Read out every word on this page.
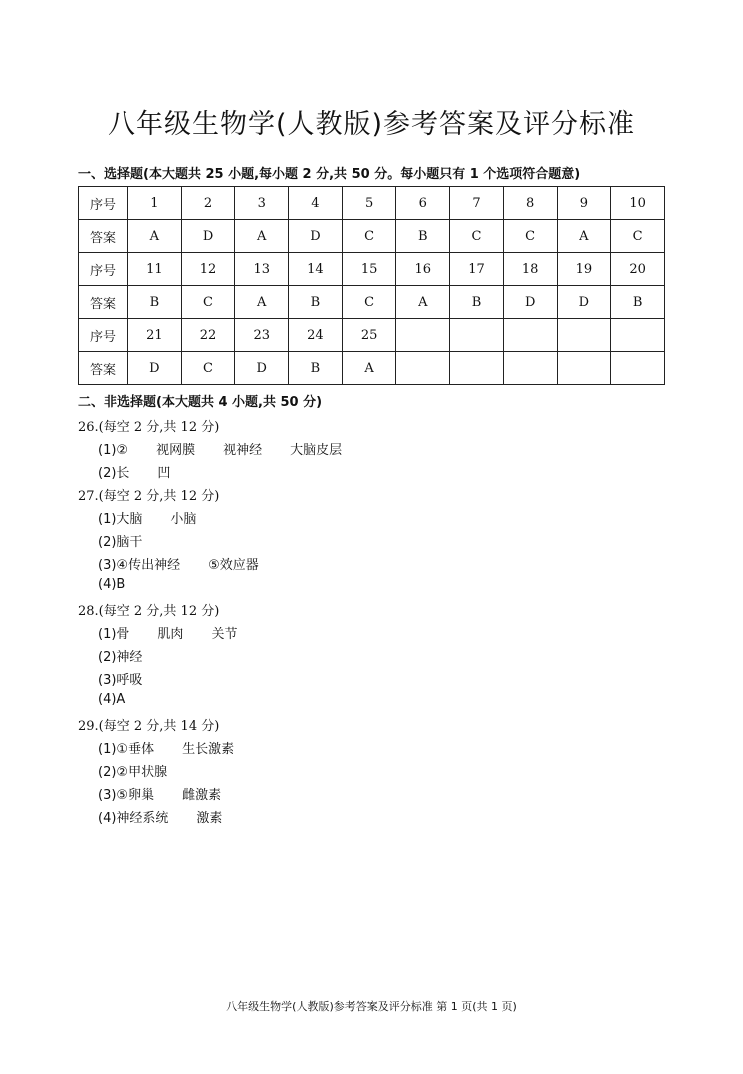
八年级生物学(人教版)参考答案及评分标准
一、选择题(本大题共 25 小题,每小题 2 分,共 50 分。每小题只有 1 个选项符合题意)
序号	1	2	3	4	5	6	7	8	9	10
答案	A	D	A	D	C	B	C	C	A	C
序号	11	12	13	14	15	16	17	18	19	20
答案	B	C	A	B	C	A	B	D	D	B
序号	21	22	23	24	25					
答案	D	C	D	B	A					
二、非选择题(本大题共 4 小题,共 50 分)
26.(每空 2 分,共 12 分)
(1)② 视网膜 视神经 大脑皮层
(2)长 凹
27.(每空 2 分,共 12 分)
(1)大脑 小脑
(2)脑干
(3)④传出神经 ⑤效应器
(4)B
28.(每空 2 分,共 12 分)
(1)骨 肌肉 关节
(2)神经
(3)呼吸
(4)A
29.(每空 2 分,共 14 分)
(1)①垂体 生长激素
(2)②甲状腺
(3)⑤卵巢 雌激素
(4)神经系统 激素
八年级生物学(人教版)参考答案及评分标准 第 1 页(共 1 页)
